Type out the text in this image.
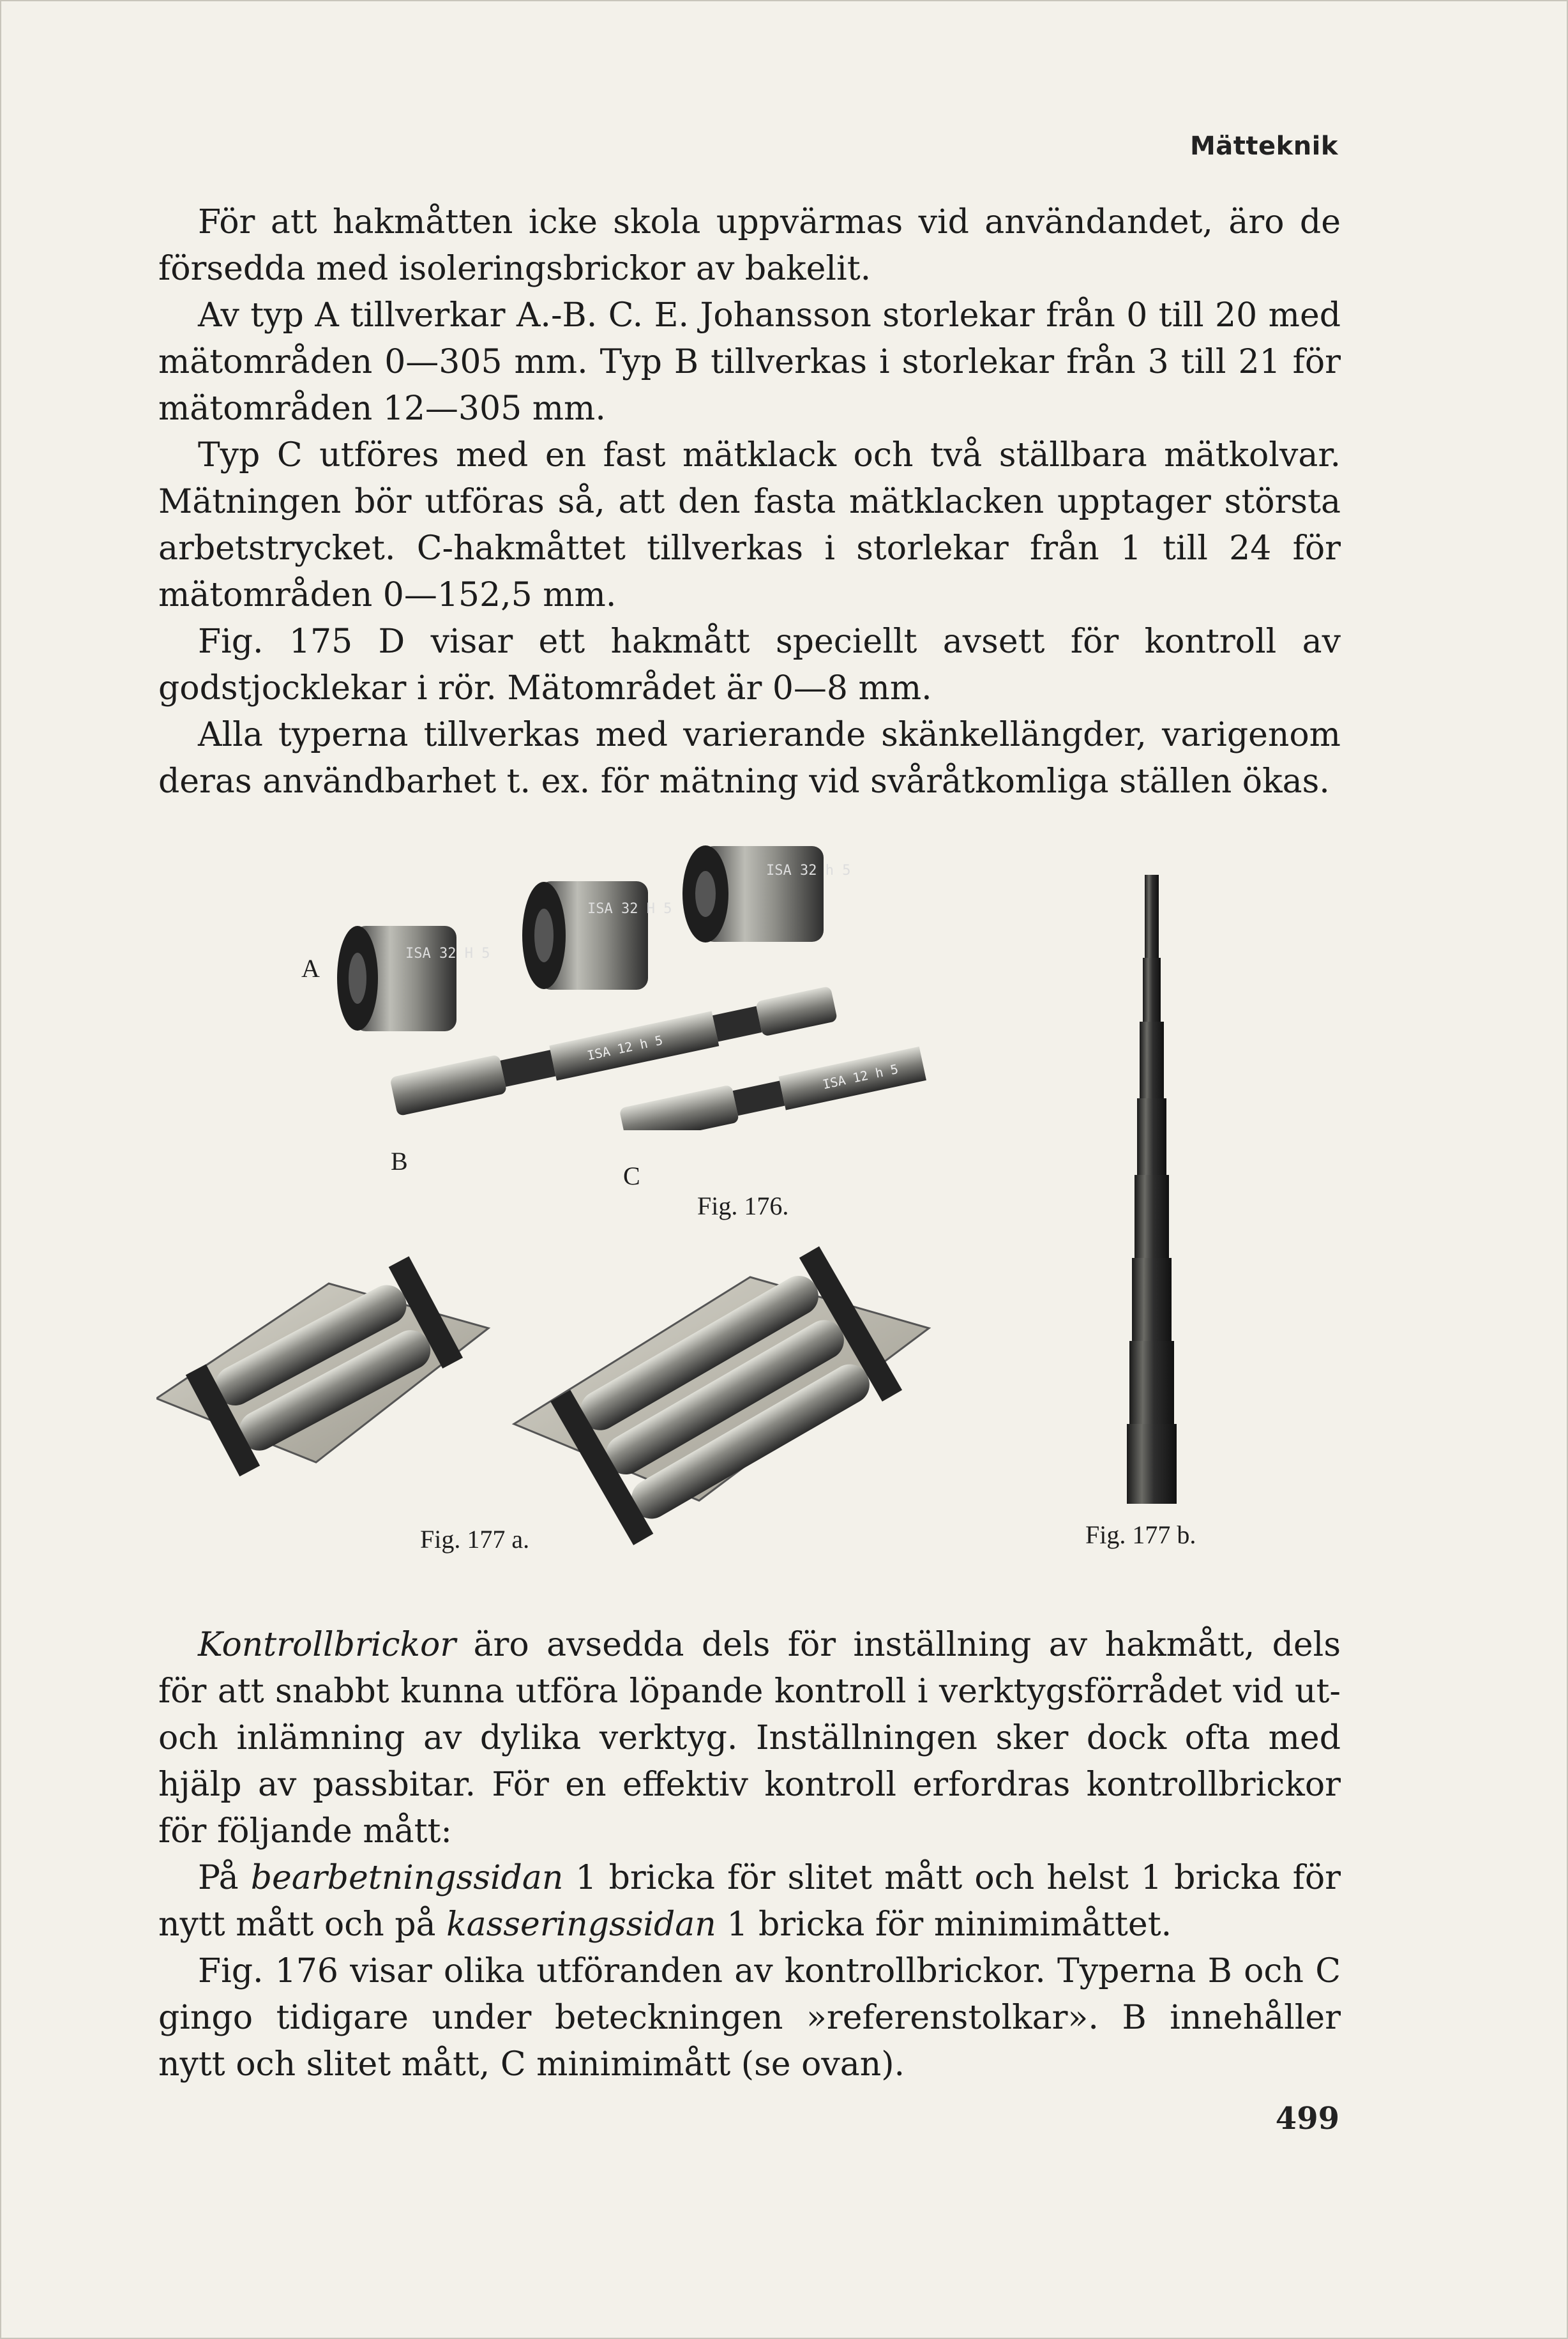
Mätteknik

För att hakmåtten icke skola uppvärmas vid användandet, äro de försedda med isoleringsbrickor av bakelit.

Av typ A tillverkar A.-B. C. E. Johansson storlekar från 0 till 20 med mätområden 0—305 mm. Typ B tillverkas i storlekar från 3 till 21 för mätområden 12—305 mm.

Typ C utföres med en fast mätklack och två ställbara mätkolvar. Mätningen bör utföras så, att den fasta mätklacken upptager största arbetstrycket. C-hakmåttet tillverkas i storlekar från 1 till 24 för mätområden 0—152,5 mm.

Fig. 175 D visar ett hakmått speciellt avsett för kontroll av godstjocklekar i rör. Mätområdet är 0—8 mm.

Alla typerna tillverkas med varierande skänkellängder, varigenom deras användbarhet t. ex. för mätning vid svåråtkomliga ställen ökas.

ISA 32 H 5
ISA 32 H 5
ISA 32 h 5
ISA 12 h 5
ISA 12 h 5
A
B
C
Fig. 176.
Fig. 177 a.	Fig. 177 b.

Kontrollbrickor äro avsedda dels för inställning av hakmått, dels för att snabbt kunna utföra löpande kontroll i verktygsförrådet vid ut- och inlämning av dylika verktyg. Inställningen sker dock ofta med hjälp av passbitar. För en effektiv kontroll erfordras kontrollbrickor för följande mått:

På bearbetningssidan 1 bricka för slitet mått och helst 1 bricka för nytt mått och på kasseringssidan 1 bricka för minimimåttet.

Fig. 176 visar olika utföranden av kontrollbrickor. Typerna B och C gingo tidigare under beteckningen »referenstolkar». B innehåller nytt och slitet mått, C minimimått (se ovan).

499
